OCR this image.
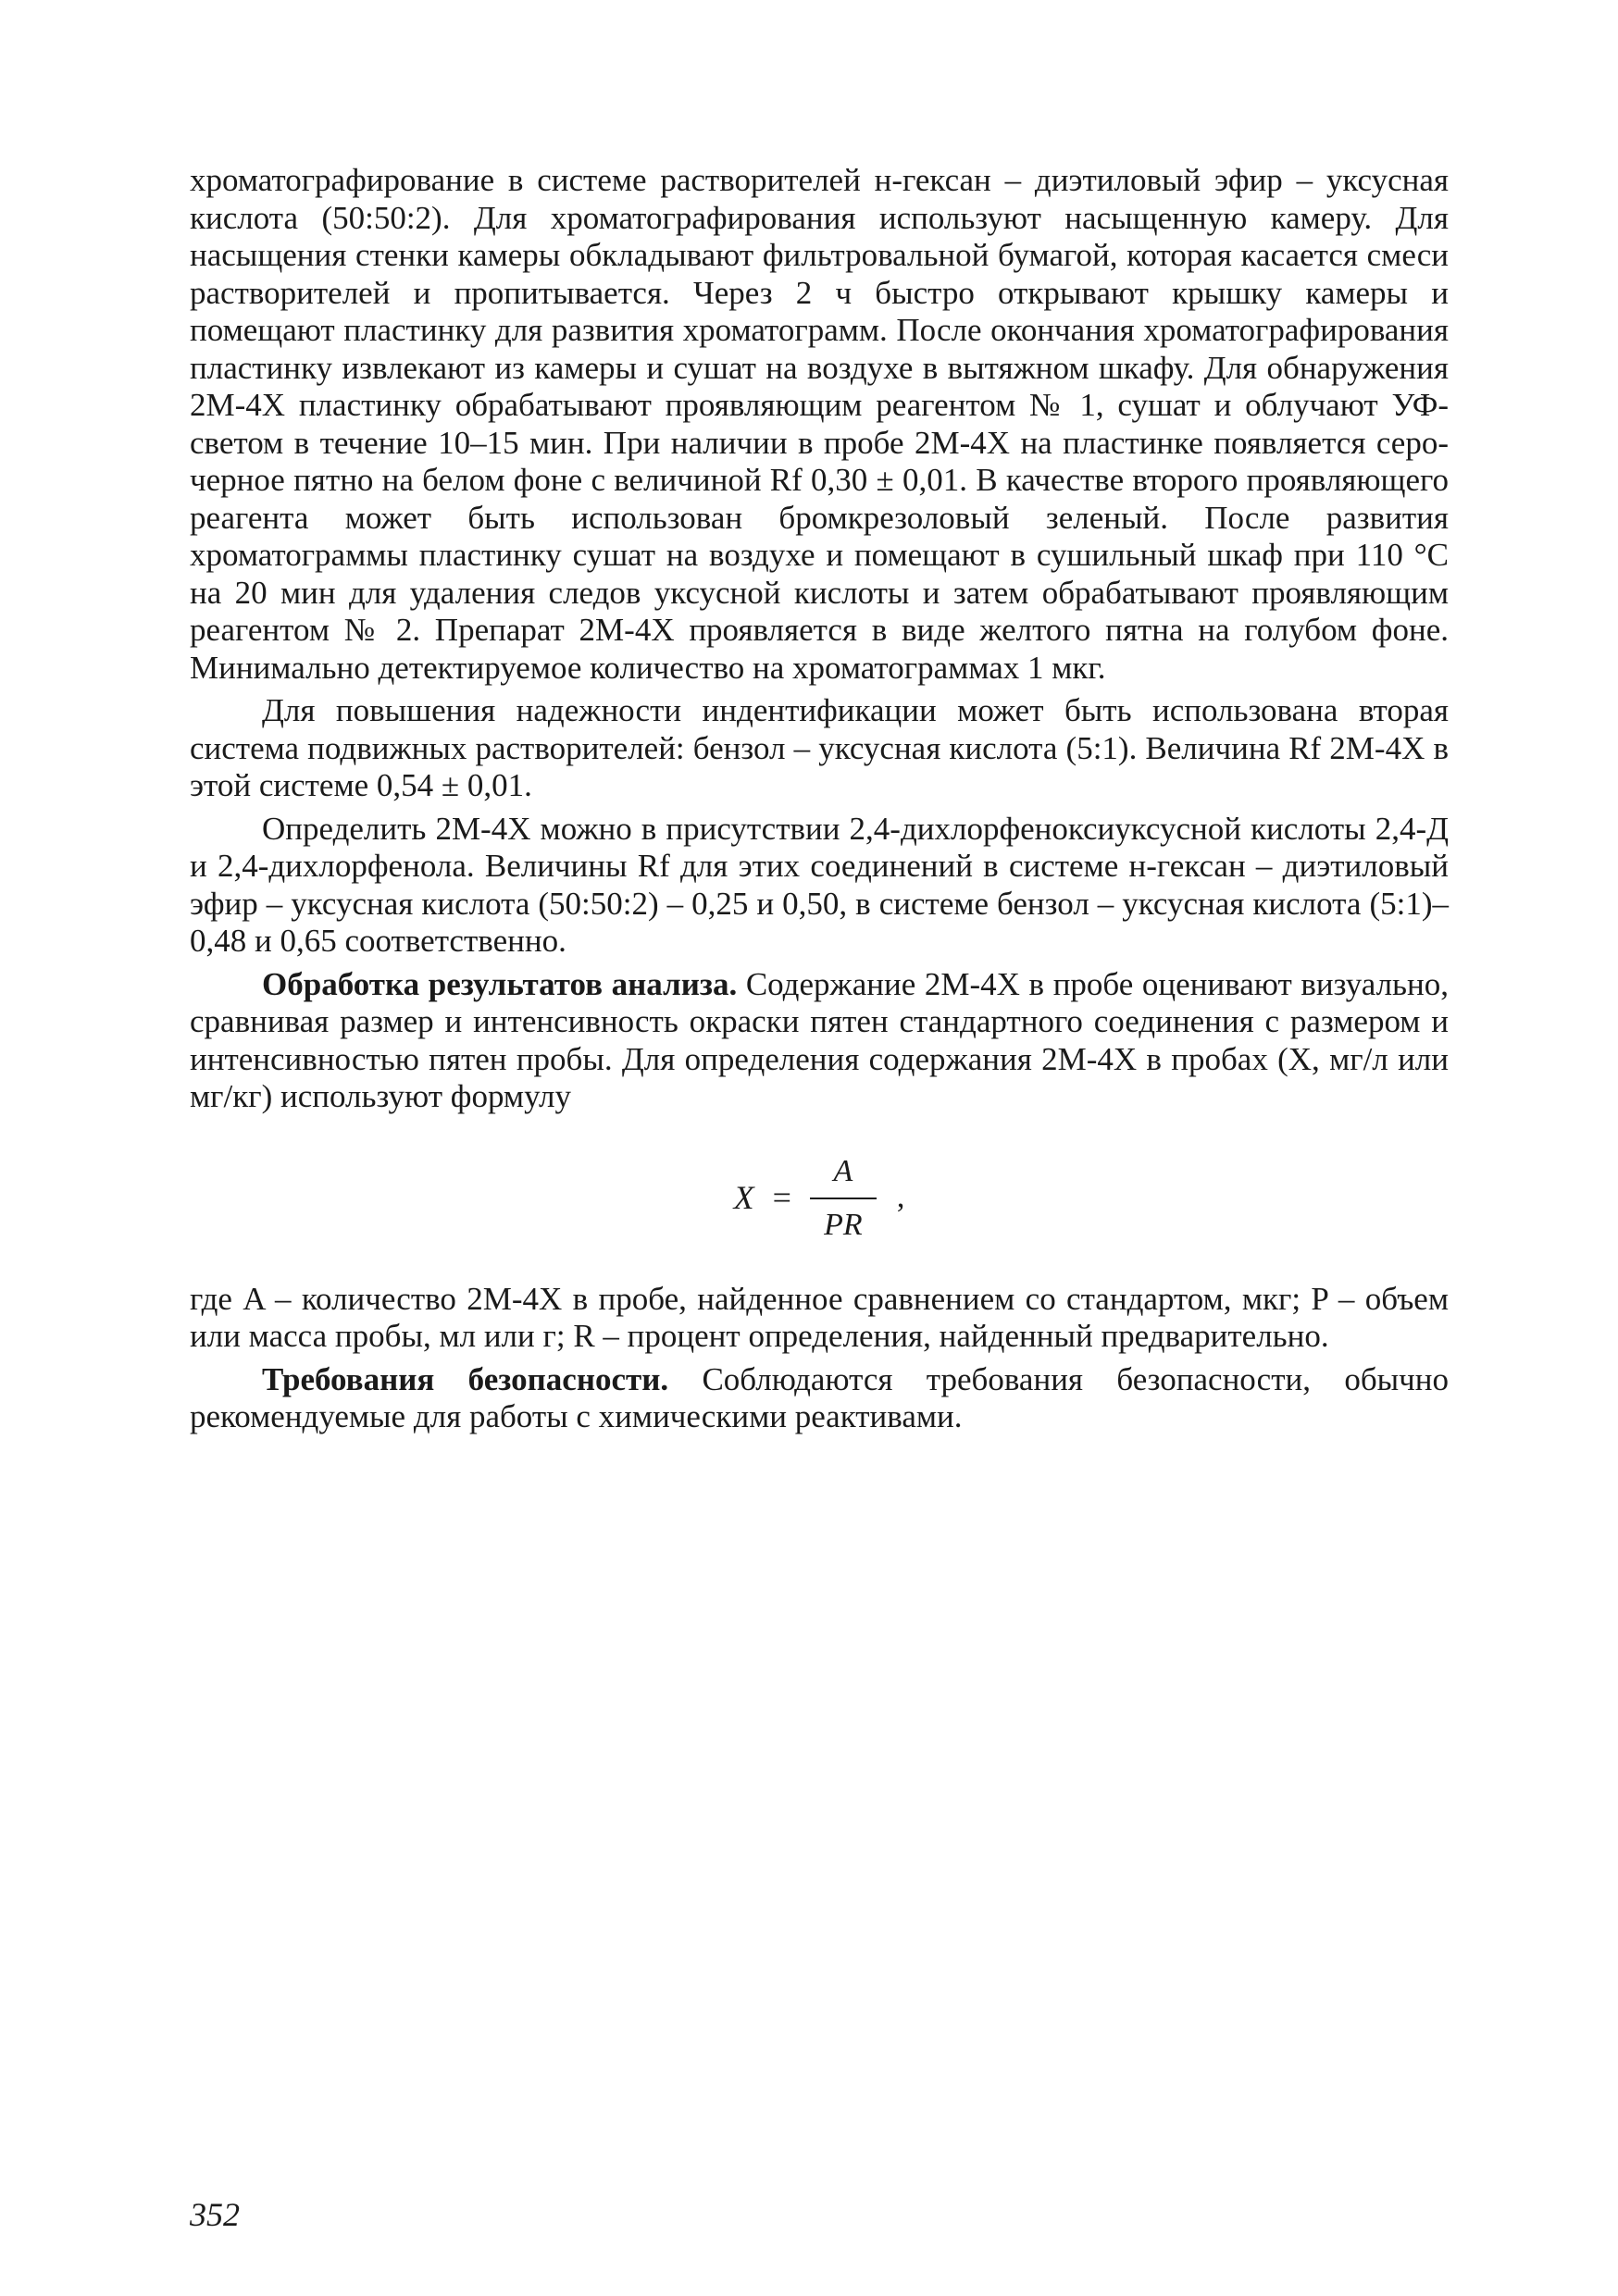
хроматографирование в системе растворителей н-гексан – диэтиловый эфир – уксусная кислота (50:50:2). Для хроматографирования используют насыщенную камеру. Для насыщения стенки камеры обкладывают фильтровальной бумагой, которая касается смеси растворителей и пропитывается. Через 2 ч быстро открывают крышку камеры и помещают пластинку для развития хроматограмм. После окончания хроматографирования пластинку извлекают из камеры и сушат на воздухе в вытяжном шкафу. Для обнаружения 2М-4Х пластинку обрабатывают проявляющим реагентом № 1, сушат и облучают УФ-светом в течение 10–15 мин. При наличии в пробе 2М-4Х на пластинке появляется серо-черное пятно на белом фоне с величиной Rf 0,30 ± 0,01. В качестве второго проявляющего реагента может быть использован бромкрезоловый зеленый. После развития хроматограммы пластинку сушат на воздухе и помещают в сушильный шкаф при 110 °C на 20 мин для удаления следов уксусной кислоты и затем обрабатывают проявляющим реагентом № 2. Препарат 2М-4Х проявляется в виде желтого пятна на голубом фоне. Минимально детектируемое количество на хроматограммах 1 мкг.

Для повышения надежности индентификации может быть использована вторая система подвижных растворителей: бензол – уксусная кислота (5:1). Величина Rf 2М-4Х в этой системе 0,54 ± 0,01.

Определить 2М-4Х можно в присутствии 2,4-дихлорфеноксиуксусной кислоты 2,4-Д и 2,4-дихлорфенола. Величины Rf для этих соединений в системе н-гексан – диэтиловый эфир – уксусная кислота (50:50:2) – 0,25 и 0,50, в системе бензол – уксусная кислота (5:1)–0,48 и 0,65 соответственно.

Обработка результатов анализа. Содержание 2М-4Х в пробе оценивают визуально, сравнивая размер и интенсивность окраски пятен стандартного соединения с размером и интенсивностью пятен пробы. Для определения содержания 2М-4Х в пробах (X, мг/л или мг/кг) используют формулу

$X = \frac{A}{PR}$ ,

где A – количество 2М-4Х в пробе, найденное сравнением со стандартом, мкг; P – объем или масса пробы, мл или г; R – процент определения, найденный предварительно.

Требования безопасности. Соблюдаются требования безопасности, обычно рекомендуемые для работы с химическими реактивами.

352
